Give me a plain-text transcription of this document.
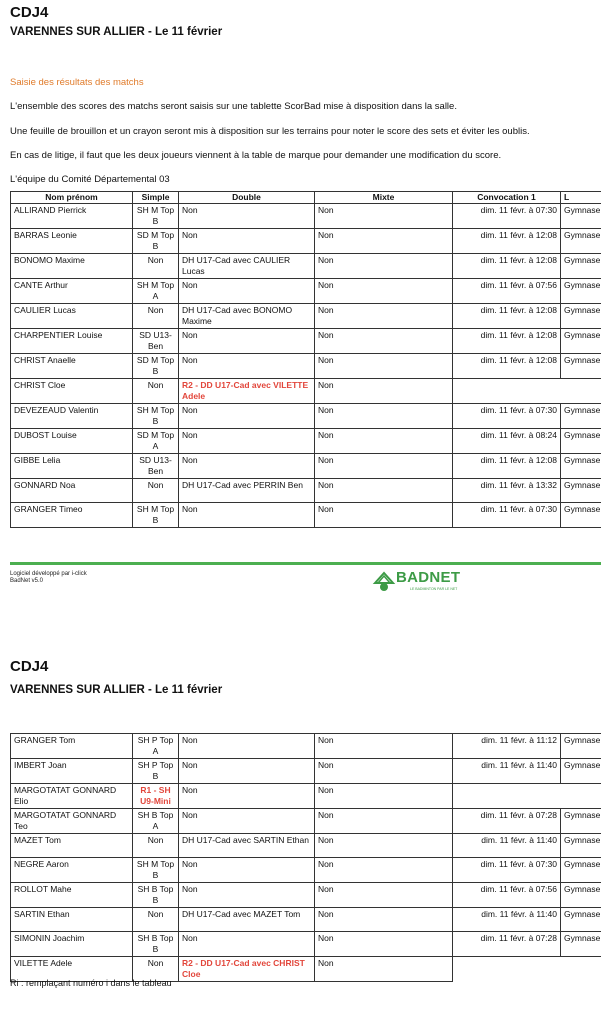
CDJ4
VARENNES SUR ALLIER - Le 11 février
Saisie des résultats des matchs
L'ensemble des scores des matchs seront saisis sur une tablette ScorBad mise à disposition dans la salle.
Une feuille de brouillon et un crayon seront mis à disposition sur les terrains pour noter le score des sets et éviter les oublis.
En cas de litige, il faut que les deux joueurs viennent à la table de marque pour demander une modification du score.
L'équipe du Comité Départemental 03
Nom prénom	Simple	Double	Mixte	Convocation 1	L
ALLIRAND Pierrick	SH M Top B	Non	Non	dim. 11 févr. à 07:30	Gymnase
BARRAS Leonie	SD M Top B	Non	Non	dim. 11 févr. à 12:08	Gymnase
BONOMO Maxime	Non	DH U17-Cad avec CAULIER Lucas	Non	dim. 11 févr. à 12:08	Gymnase
CANTE Arthur	SH M Top A	Non	Non	dim. 11 févr. à 07:56	Gymnase
CAULIER Lucas	Non	DH U17-Cad avec BONOMO Maxime	Non	dim. 11 févr. à 12:08	Gymnase
CHARPENTIER Louise	SD U13-Ben	Non	Non	dim. 11 févr. à 12:08	Gymnase
CHRIST Anaelle	SD M Top B	Non	Non	dim. 11 févr. à 12:08	Gymnase
CHRIST Cloe	Non	R2 - DD U17-Cad avec VILETTE Adele	Non		
DEVEZEAUD Valentin	SH M Top B	Non	Non	dim. 11 févr. à 07:30	Gymnase
DUBOST Louise	SD M Top A	Non	Non	dim. 11 févr. à 08:24	Gymnase
GIBBE Lelia	SD U13-Ben	Non	Non	dim. 11 févr. à 12:08	Gymnase
GONNARD Noa	Non	DH U17-Cad avec PERRIN Ben	Non	dim. 11 févr. à 13:32	Gymnase
GRANGER Timeo	SH M Top B	Non	Non	dim. 11 févr. à 07:30	Gymnase
Logiciel développé par i-click
BadNet v5.0	BADNET
LE BADMINTON PAR LE NET
CDJ4
VARENNES SUR ALLIER - Le 11 février
GRANGER Tom	SH P Top A	Non	Non	dim. 11 févr. à 11:12	Gymnase
IMBERT Joan	SH P Top B	Non	Non	dim. 11 févr. à 11:40	Gymnase
MARGOTATAT GONNARD Elio	R1 - SH U9-Mini	Non	Non		
MARGOTATAT GONNARD Teo	SH B Top A	Non	Non	dim. 11 févr. à 07:28	Gymnase
MAZET Tom	Non	DH U17-Cad avec SARTIN Ethan	Non	dim. 11 févr. à 11:40	Gymnase
NEGRE Aaron	SH M Top B	Non	Non	dim. 11 févr. à 07:30	Gymnase
ROLLOT Mahe	SH B Top B	Non	Non	dim. 11 févr. à 07:56	Gymnase
SARTIN Ethan	Non	DH U17-Cad avec MAZET Tom	Non	dim. 11 févr. à 11:40	Gymnase
SIMONIN Joachim	SH B Top B	Non	Non	dim. 11 févr. à 07:28	Gymnase
VILETTE Adele	Non	R2 - DD U17-Cad avec CHRIST Cloe	Non		
Ri : remplaçant numéro i dans le tableau
